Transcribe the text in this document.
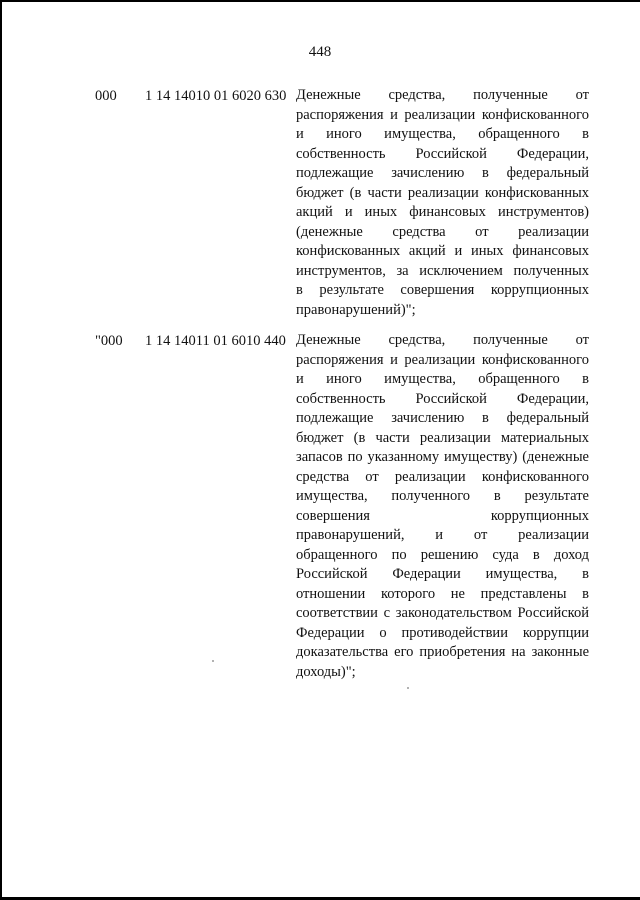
448
000 1 14 14010 01 6020 630 Денежные средства, полученные от
распоряжения и реализации конфискованного
и иного имущества, обращенного в
собственность Российской Федерации,
подлежащие зачислению в федеральный
бюджет (в части реализации конфискованных
акций и иных финансовых инструментов)
(денежные средства от реализации
конфискованных акций и иных финансовых
инструментов, за исключением полученных
в результате совершения коррупционных
правонарушений)";
"000 1 14 14011 01 6010 440 Денежные средства, полученные от
распоряжения и реализации конфискованного
и иного имущества, обращенного в
собственность Российской Федерации,
подлежащие зачислению в федеральный
бюджет (в части реализации материальных
запасов по указанному имуществу) (денежные
средства от реализации конфискованного
имущества, полученного в результате
совершения коррупционных
правонарушений, и от реализации
обращенного по решению суда в доход
Российской Федерации имущества, в
отношении которого не представлены в
соответствии с законодательством Российской
Федерации о противодействии коррупции
доказательства его приобретения на законные
доходы)";
